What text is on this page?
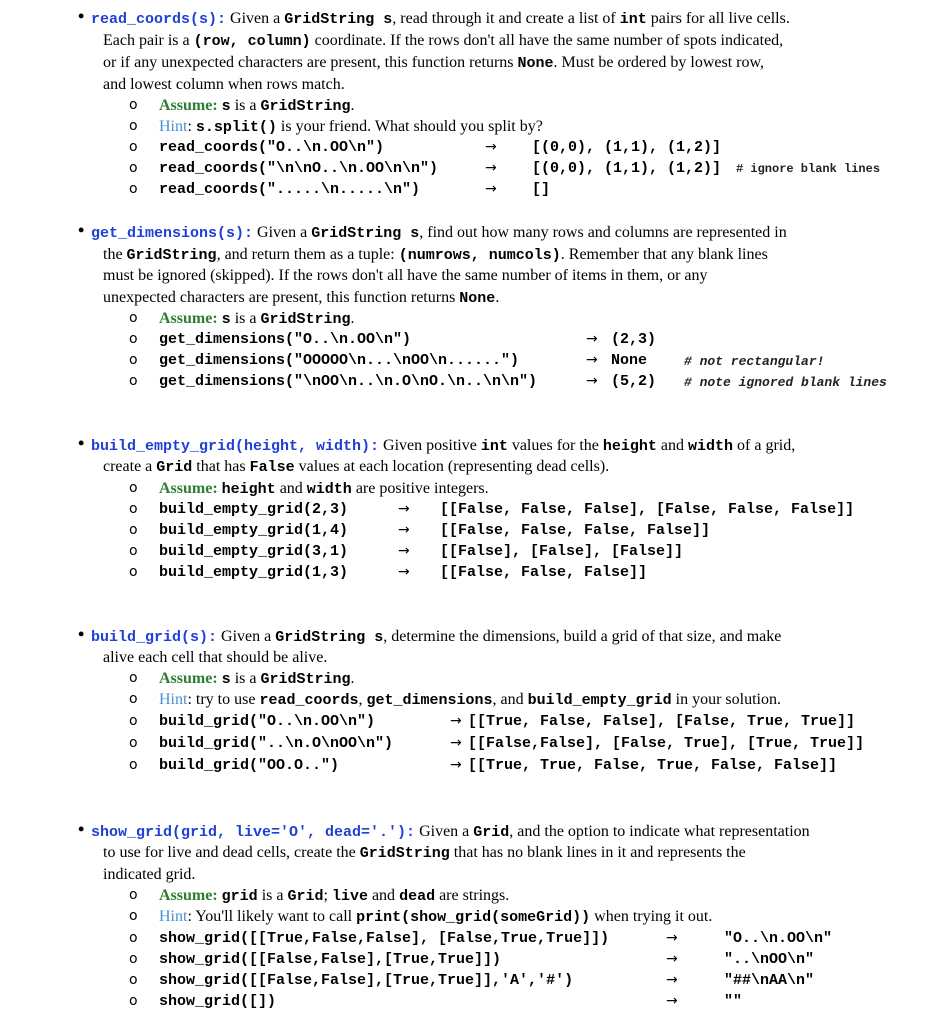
• read_coords(s): Given a GridString s, read through it and create a list of int pairs for all live cells.
Each pair is a (row, column) coordinate. If the rows don't all have the same number of spots indicated,
or if any unexpected characters are present, this function returns None. Must be ordered by lowest row,
and lowest column when rows match.
o Assume: s is a GridString.
o Hint: s.split() is your friend. What should you split by?
o read_coords("O..\n.OO\n")	→ [(0,0), (1,1), (1,2)]
o read_coords("\n\nO..\n.OO\n\n")	→ [(0,0), (1,1), (1,2)] # ignore blank lines
o read_coords(".....\n.....\n")	→ []
• get_dimensions(s): Given a GridString s, find out how many rows and columns are represented in
the GridString, and return them as a tuple: (numrows, numcols). Remember that any blank lines
must be ignored (skipped). If the rows don't all have the same number of items in them, or any
unexpected characters are present, this function returns None.
o Assume: s is a GridString.
o get_dimensions("O..\n.OO\n")	→ (2,3)
o get_dimensions("OOOOO\n...\nOO\n......")	→ None	# not rectangular!
o get_dimensions("\nOO\n..\n.O\nO.\n..\n\n")	→ (5,2) # note ignored blank lines
• build_empty_grid(height, width): Given positive int values for the height and width of a grid,
create a Grid that has False values at each location (representing dead cells).
o Assume: height and width are positive integers.
o build_empty_grid(2,3)	→ [[False, False, False], [False, False, False]]
o build_empty_grid(1,4)	→ [[False, False, False, False]]
o build_empty_grid(3,1)	→ [[False], [False], [False]]
o build_empty_grid(1,3)	→ [[False, False, False]]
• build_grid(s): Given a GridString s, determine the dimensions, build a grid of that size, and make
alive each cell that should be alive.
o Assume: s is a GridString.
o Hint: try to use read_coords, get_dimensions, and build_empty_grid in your solution.
o build_grid("O..\n.OO\n")	→ [[True, False, False], [False, True, True]]
o build_grid("..\n.O\nOO\n")	→ [[False,False], [False, True], [True, True]]
o build_grid("OO.O..")	→ [[True, True, False, True, False, False]]
• show_grid(grid, live='O', dead='.'): Given a Grid, and the option to indicate what representation
to use for live and dead cells, create the GridString that has no blank lines in it and represents the
indicated grid.
o Assume: grid is a Grid; live and dead are strings.
o Hint: You'll likely want to call print(show_grid(someGrid)) when trying it out.
o show_grid([[True,False,False], [False,True,True]])	→	"O..\n.OO\n"
o show_grid([[False,False],[True,True]])	→	"..\nOO\n"
o show_grid([[False,False],[True,True]],'A','#')	→	"##\nAA\n"
o show_grid([])	→	""
